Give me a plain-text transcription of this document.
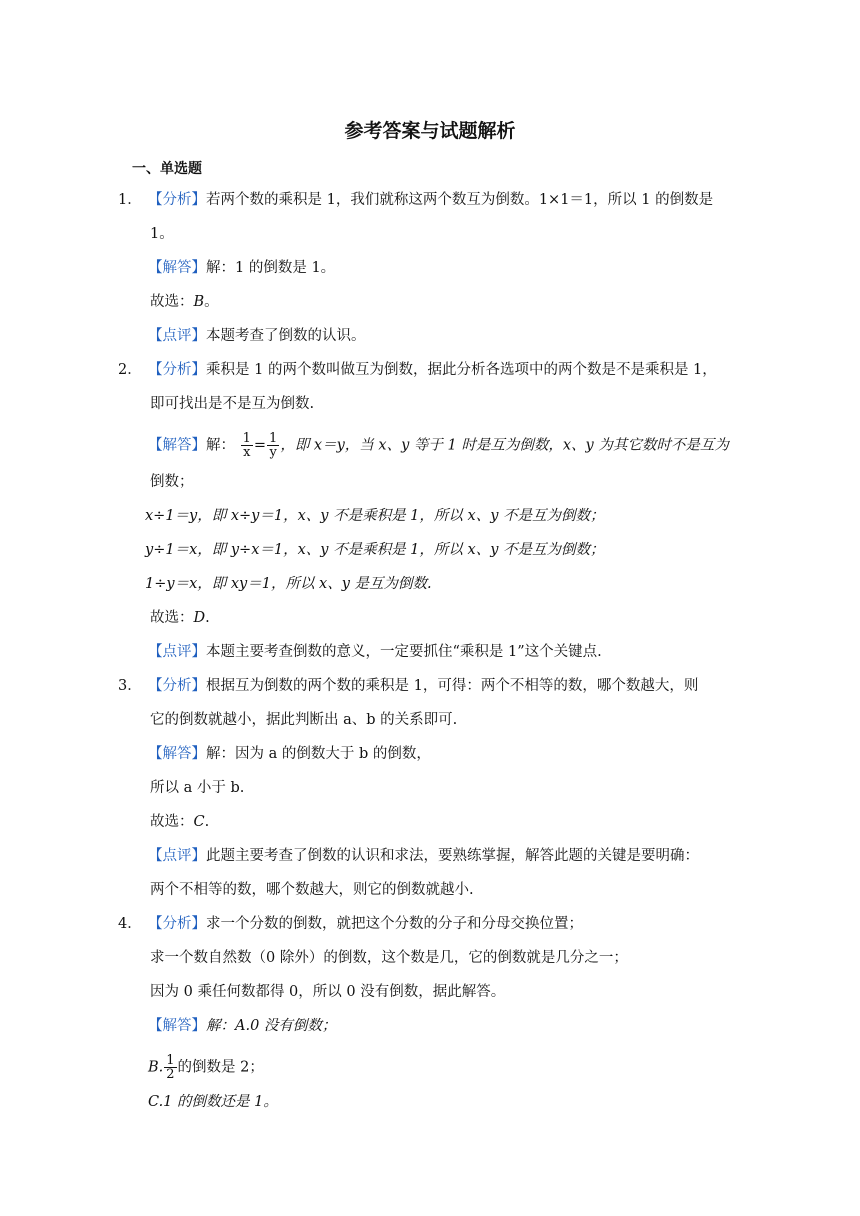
参考答案与试题解析
一、单选题
1． 【分析】若两个数的乘积是 1，我们就称这两个数互为倒数。1×1＝1，所以 1 的倒数是
1。
【解答】解：1 的倒数是 1。
故选：B。
【点评】本题考查了倒数的认识。
2． 【分析】乘积是 1 的两个数叫做互为倒数，据此分析各选项中的两个数是不是乘积是 1，
即可找出是不是互为倒数.
【解答】解： $\frac{1}{x} = \frac{1}{y}$ ，即 x＝y，当 x、y 等于 1 时是互为倒数，x、y 为其它数时不是互为
倒数；
x÷1＝y，即 x÷y＝1，x、y 不是乘积是 1，所以 x、y 不是互为倒数；
y÷1＝x，即 y÷x＝1，x、y 不是乘积是 1，所以 x、y 不是互为倒数；
1÷y＝x，即 xy＝1，所以 x、y 是互为倒数.
故选：D.
【点评】本题主要考查倒数的意义，一定要抓住“乘积是 1”这个关键点.
3． 【分析】根据互为倒数的两个数的乘积是 1，可得：两个不相等的数，哪个数越大，则
它的倒数就越小，据此判断出 a、b 的关系即可.
【解答】解：因为 a 的倒数大于 b 的倒数，
所以 a 小于 b.
故选：C.
【点评】此题主要考查了倒数的认识和求法，要熟练掌握，解答此题的关键是要明确：
两个不相等的数，哪个数越大，则它的倒数就越小.
4． 【分析】求一个分数的倒数，就把这个分数的分子和分母交换位置；
求一个数自然数（0 除外）的倒数，这个数是几，它的倒数就是几分之一；
因为 0 乘任何数都得 0，所以 0 没有倒数，据此解答。
【解答】解：A.0 没有倒数；
B. $\frac{1}{2}$ 的倒数是 2；
C.1 的倒数还是 1。
